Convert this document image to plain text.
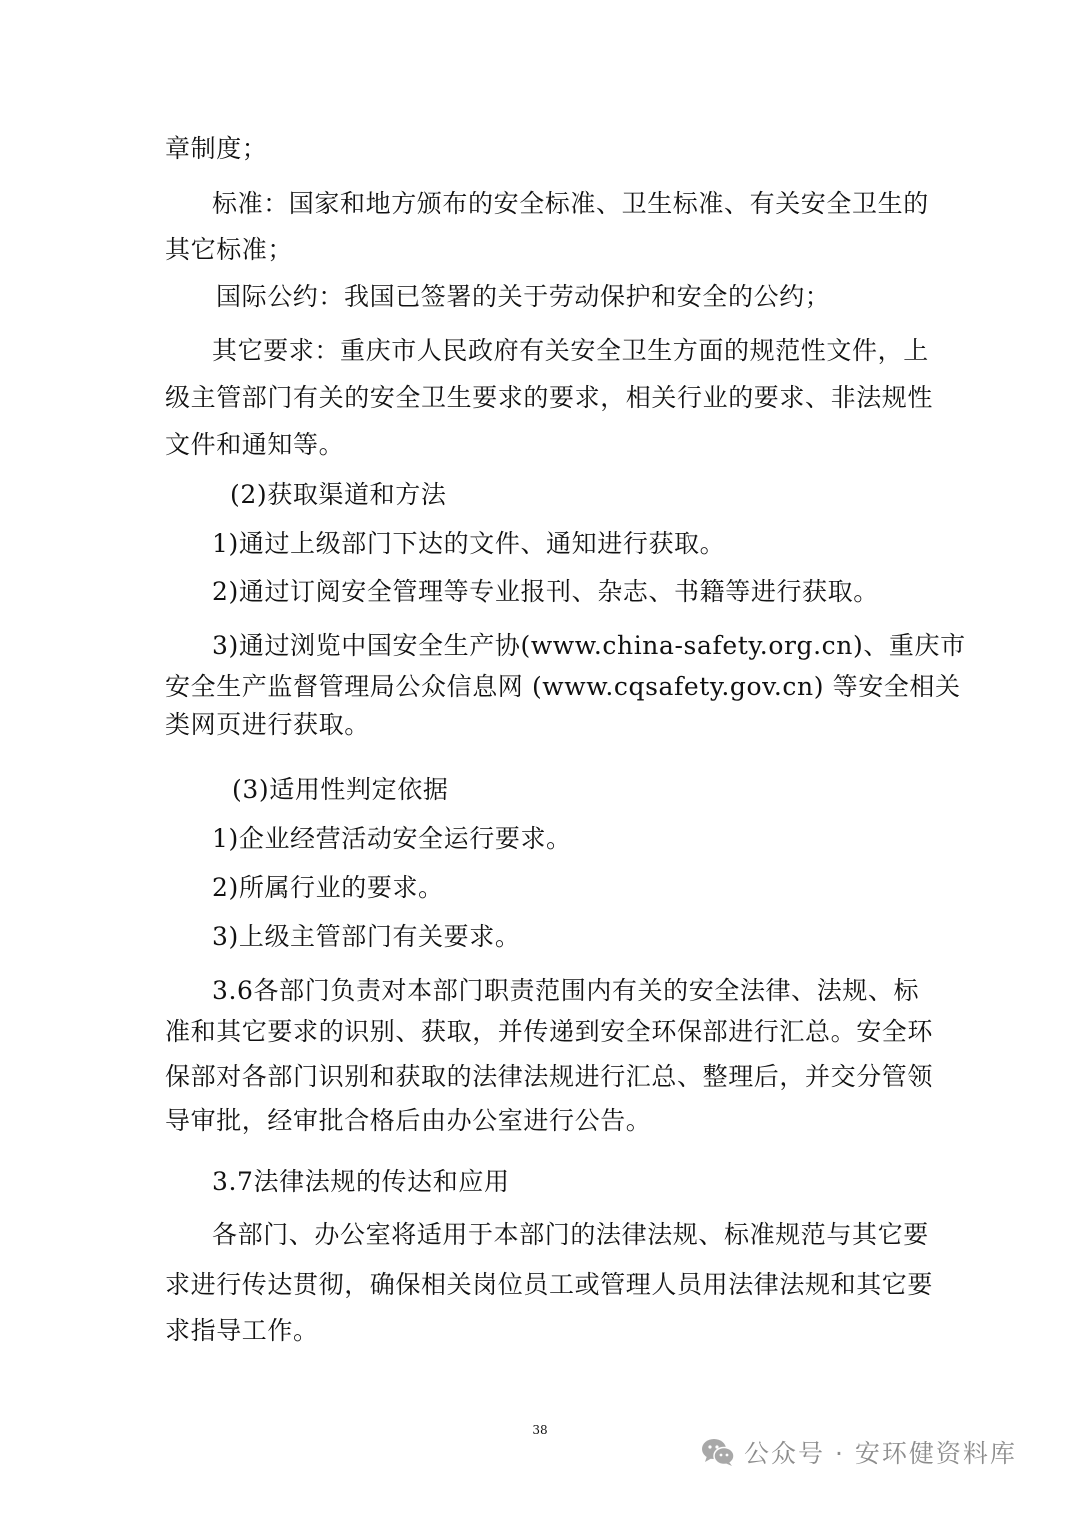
章制度；
标准：国家和地方颁布的安全标准、卫生标准、有关安全卫生的
其它标准；
国际公约：我国已签署的关于劳动保护和安全的公约；
其它要求：重庆市人民政府有关安全卫生方面的规范性文件，上
级主管部门有关的安全卫生要求的要求，相关行业的要求、非法规性
文件和通知等。
(2)获取渠道和方法
1)通过上级部门下达的文件、通知进行获取。
2)通过订阅安全管理等专业报刊、杂志、书籍等进行获取。
3)通过浏览中国安全生产协(www.china-safety.org.cn)、重庆市
安全生产监督管理局公众信息网 (www.cqsafety.gov.cn) 等安全相关
类网页进行获取。
(3)适用性判定依据
1)企业经营活动安全运行要求。
2)所属行业的要求。
3)上级主管部门有关要求。
3.6各部门负责对本部门职责范围内有关的安全法律、法规、标
准和其它要求的识别、获取，并传递到安全环保部进行汇总。安全环
保部对各部门识别和获取的法律法规进行汇总、整理后，并交分管领
导审批，经审批合格后由办公室进行公告。
3.7法律法规的传达和应用
各部门、办公室将适用于本部门的法律法规、标准规范与其它要
求进行传达贯彻，确保相关岗位员工或管理人员用法律法规和其它要
求指导工作。
38
公众号 · 安环健资料库
